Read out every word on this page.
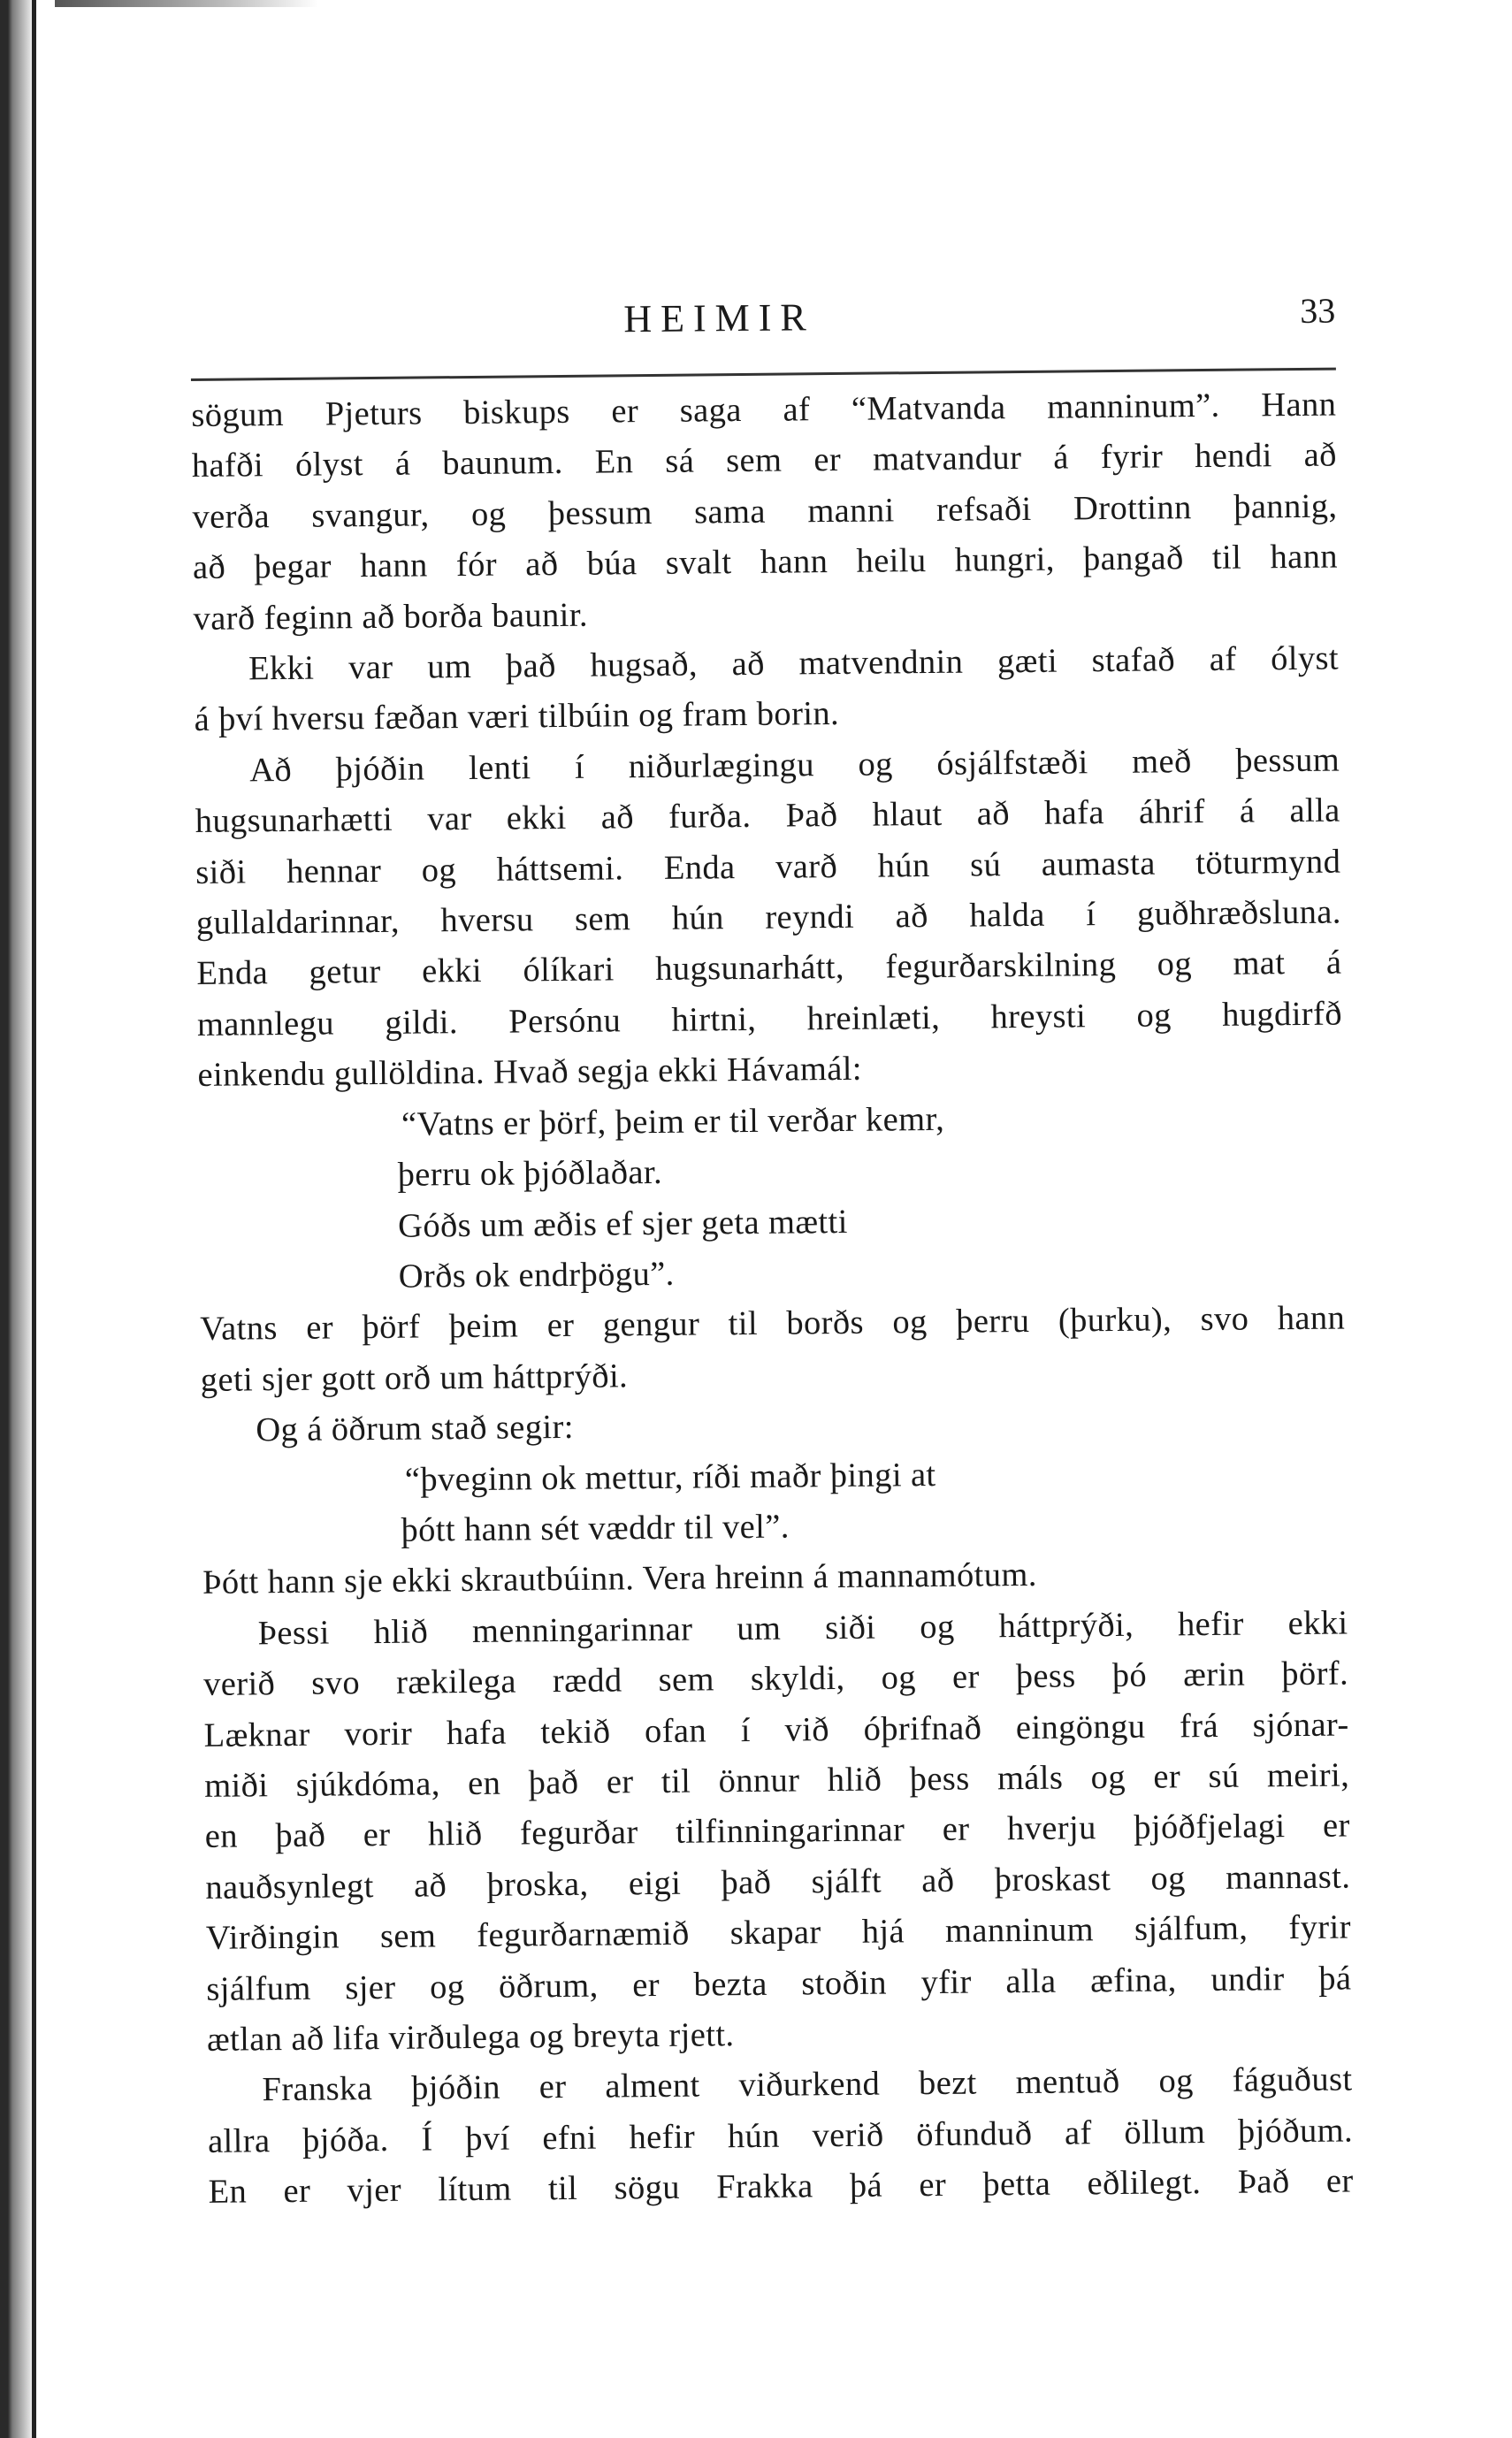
HEIMIR	33
sögum Pjeturs biskups er saga af “Matvanda manninum”. Hann
hafði ólyst á baunum. En sá sem er matvandur á fyrir hendi að
verða svangur, og þessum sama manni refsaði Drottinn þannig,
að þegar hann fór að búa svalt hann heilu hungri, þangað til hann
varð feginn að borða baunir.
Ekki var um það hugsað, að matvendnin gæti stafað af ólyst
á því hversu fæðan væri tilbúin og fram borin.
Að þjóðin lenti í niðurlægingu og ósjálfstæði með þessum
hugsunarhætti var ekki að furða. Það hlaut að hafa áhrif á alla
siði hennar og háttsemi. Enda varð hún sú aumasta töturmynd
gullaldarinnar, hversu sem hún reyndi að halda í guðhræðsluna.
Enda getur ekki ólíkari hugsunarhátt, fegurðarskilning og mat á
mannlegu gildi. Persónu hirtni, hreinlæti, hreysti og hugdirfð
einkendu gullöldina. Hvað segja ekki Hávamál:
“Vatns er þörf, þeim er til verðar kemr,
þerru ok þjóðlaðar.
Góðs um æðis ef sjer geta mætti
Orðs ok endrþögu”.
Vatns er þörf þeim er gengur til borðs og þerru (þurku), svo hann
geti sjer gott orð um háttprýði.
Og á öðrum stað segir:
“þveginn ok mettur, ríði maðr þingi at
þótt hann sét væddr til vel”.
Þótt hann sje ekki skrautbúinn. Vera hreinn á mannamótum.
Þessi hlið menningarinnar um siði og háttprýði, hefir ekki
verið svo rækilega rædd sem skyldi, og er þess þó ærin þörf.
Læknar vorir hafa tekið ofan í við óþrifnað eingöngu frá sjónar-
miði sjúkdóma, en það er til önnur hlið þess máls og er sú meiri,
en það er hlið fegurðar tilfinningarinnar er hverju þjóðfjelagi er
nauðsynlegt að þroska, eigi það sjálft að þroskast og mannast.
Virðingin sem fegurðarnæmið skapar hjá manninum sjálfum, fyrir
sjálfum sjer og öðrum, er bezta stoðin yfir alla æfina, undir þá
ætlan að lifa virðulega og breyta rjett.
Franska þjóðin er alment viðurkend bezt mentuð og fáguðust
allra þjóða. Í því efni hefir hún verið öfunduð af öllum þjóðum.
En er vjer lítum til sögu Frakka þá er þetta eðlilegt. Það er
